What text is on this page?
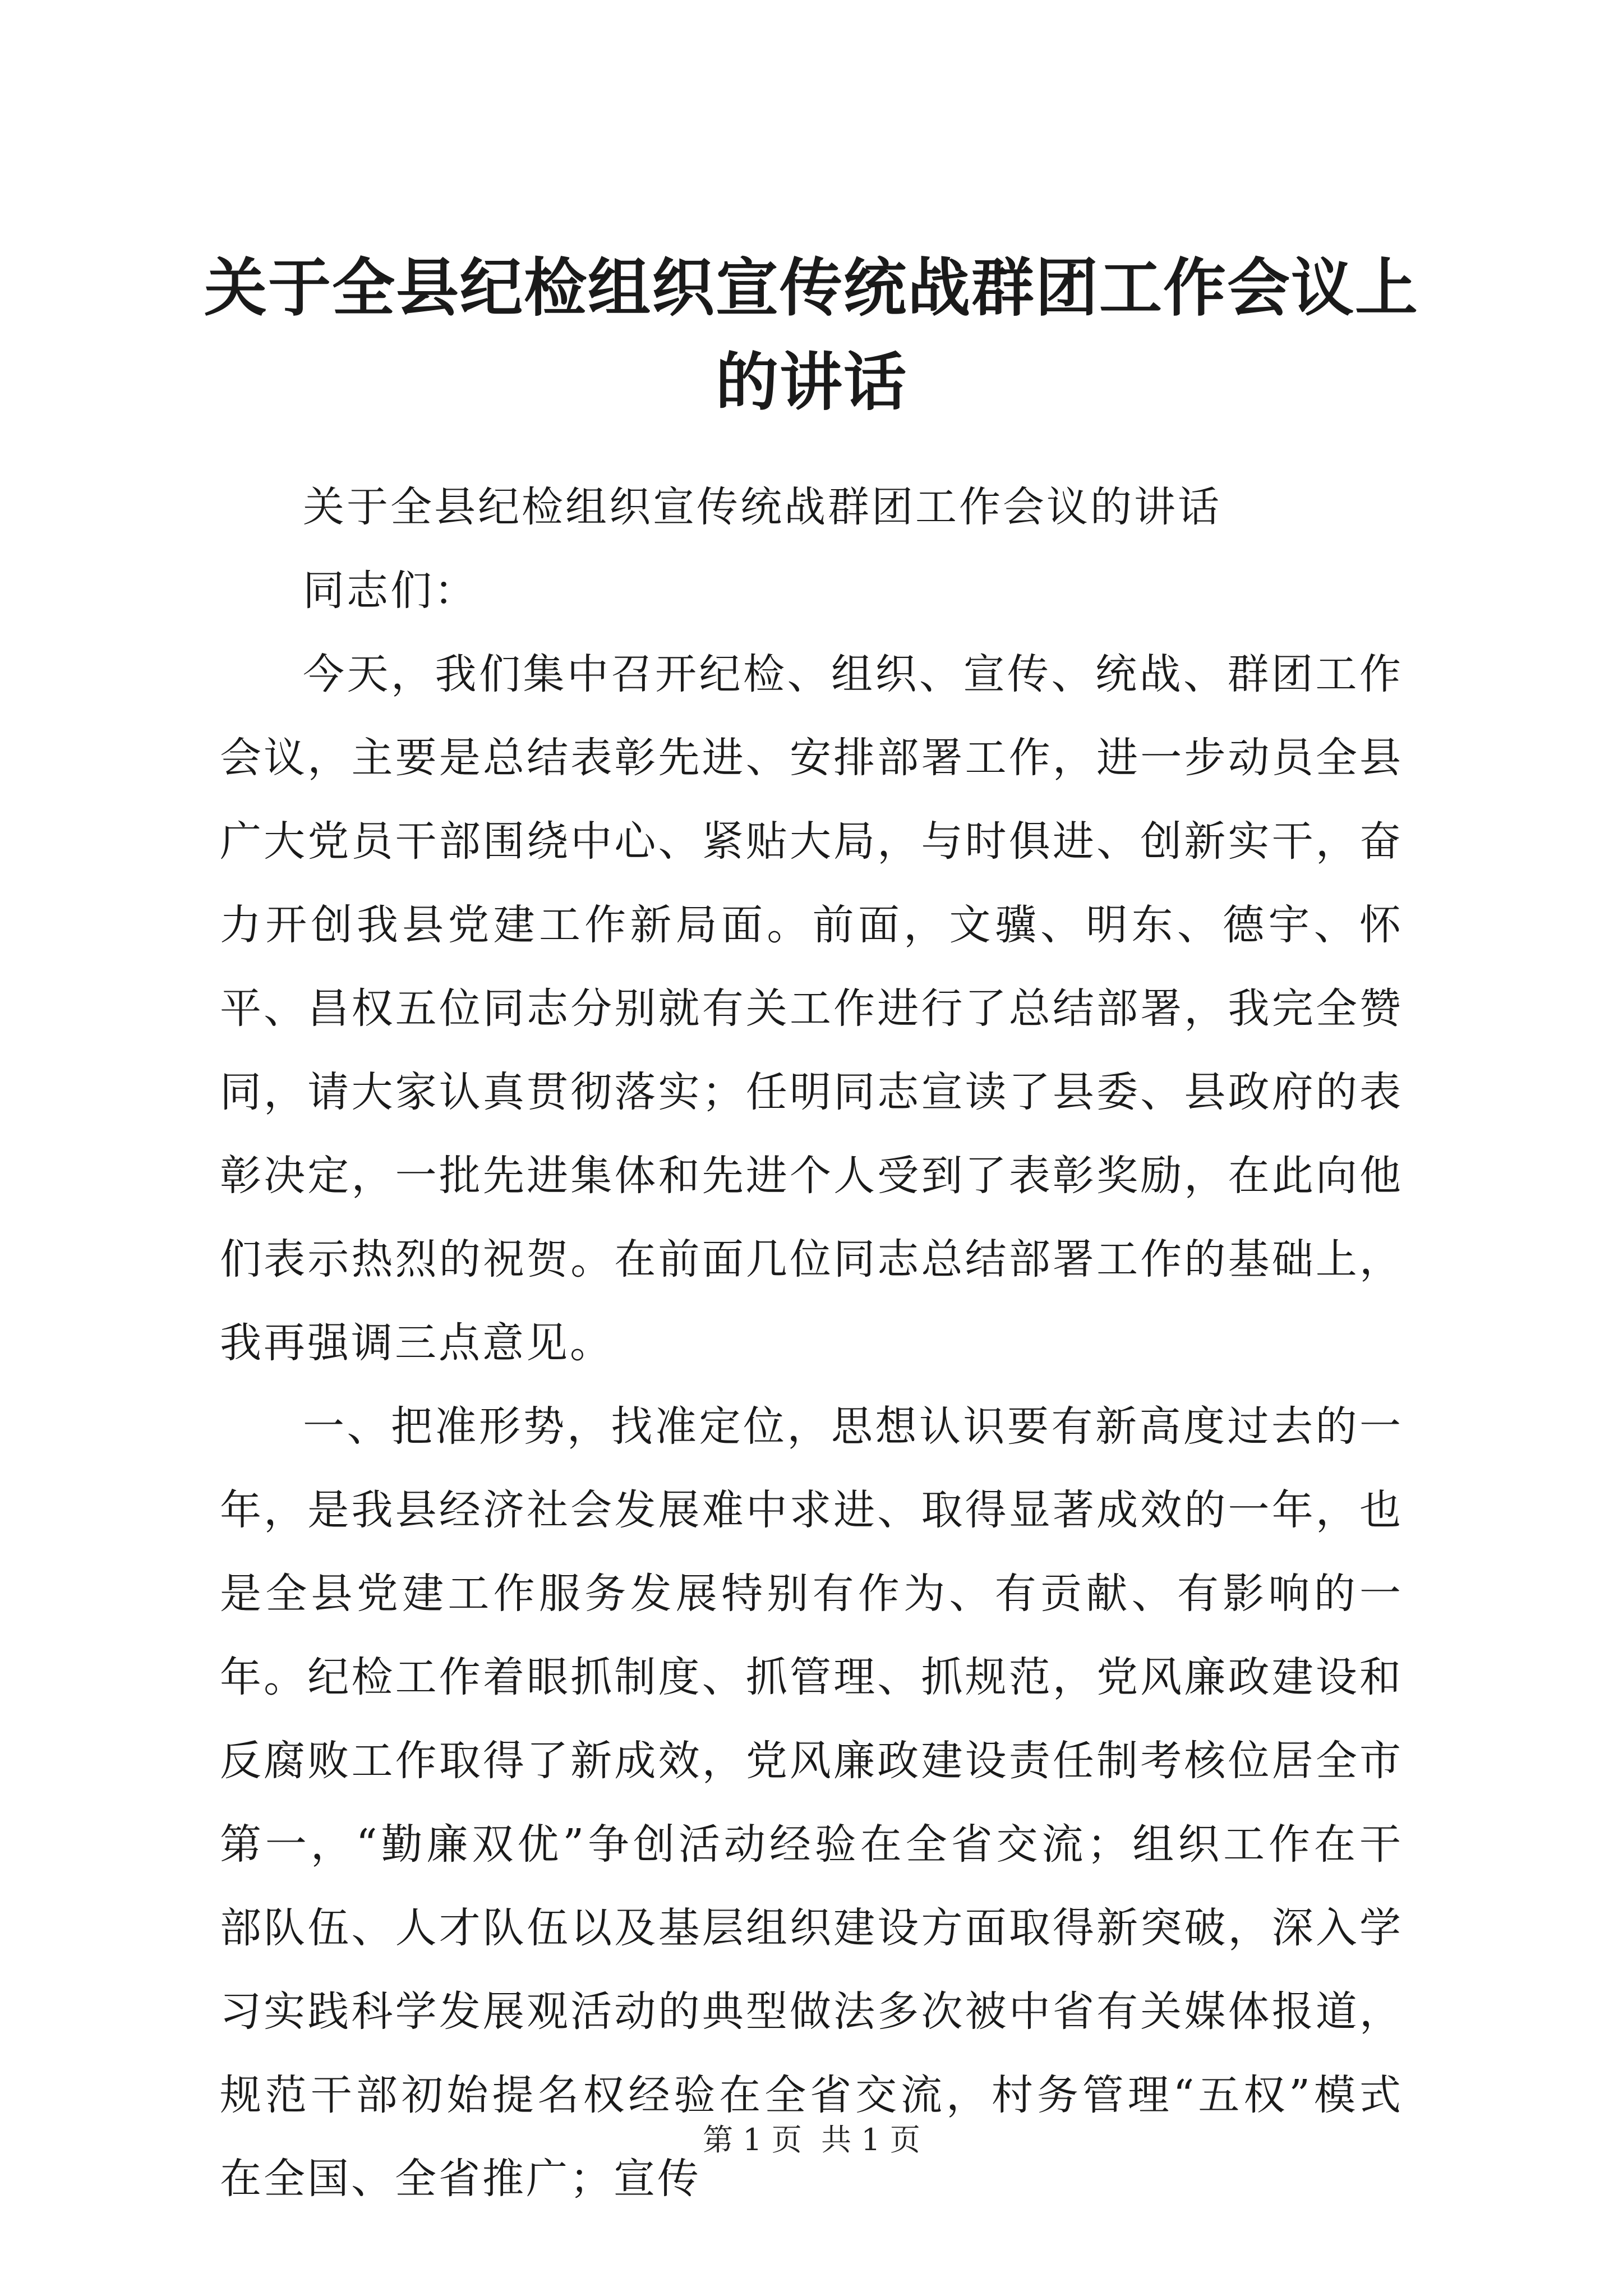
关于全县纪检组织宣传统战群团工作会议上的讲话

关于全县纪检组织宣传统战群团工作会议的讲话

同志们：

今天，我们集中召开纪检、组织、宣传、统战、群团工作会议，主要是总结表彰先进、安排部署工作，进一步动员全县广大党员干部围绕中心、紧贴大局，与时俱进、创新实干，奋力开创我县党建工作新局面。前面，文骥、明东、德宇、怀平、昌权五位同志分别就有关工作进行了总结部署，我完全赞同，请大家认真贯彻落实；任明同志宣读了县委、县政府的表彰决定，一批先进集体和先进个人受到了表彰奖励，在此向他们表示热烈的祝贺。在前面几位同志总结部署工作的基础上，我再强调三点意见。

一、把准形势，找准定位，思想认识要有新高度过去的一年，是我县经济社会发展难中求进、取得显著成效的一年，也是全县党建工作服务发展特别有作为、有贡献、有影响的一年。纪检工作着眼抓制度、抓管理、抓规范，党风廉政建设和反腐败工作取得了新成效，党风廉政建设责任制考核位居全市第一，“勤廉双优”争创活动经验在全省交流；组织工作在干部队伍、人才队伍以及基层组织建设方面取得新突破，深入学习实践科学发展观活动的典型做法多次被中省有关媒体报道，规范干部初始提名权经验在全省交流，村务管理“五权”模式在全国、全省推广；宣传

第 1 页  共 1 页
